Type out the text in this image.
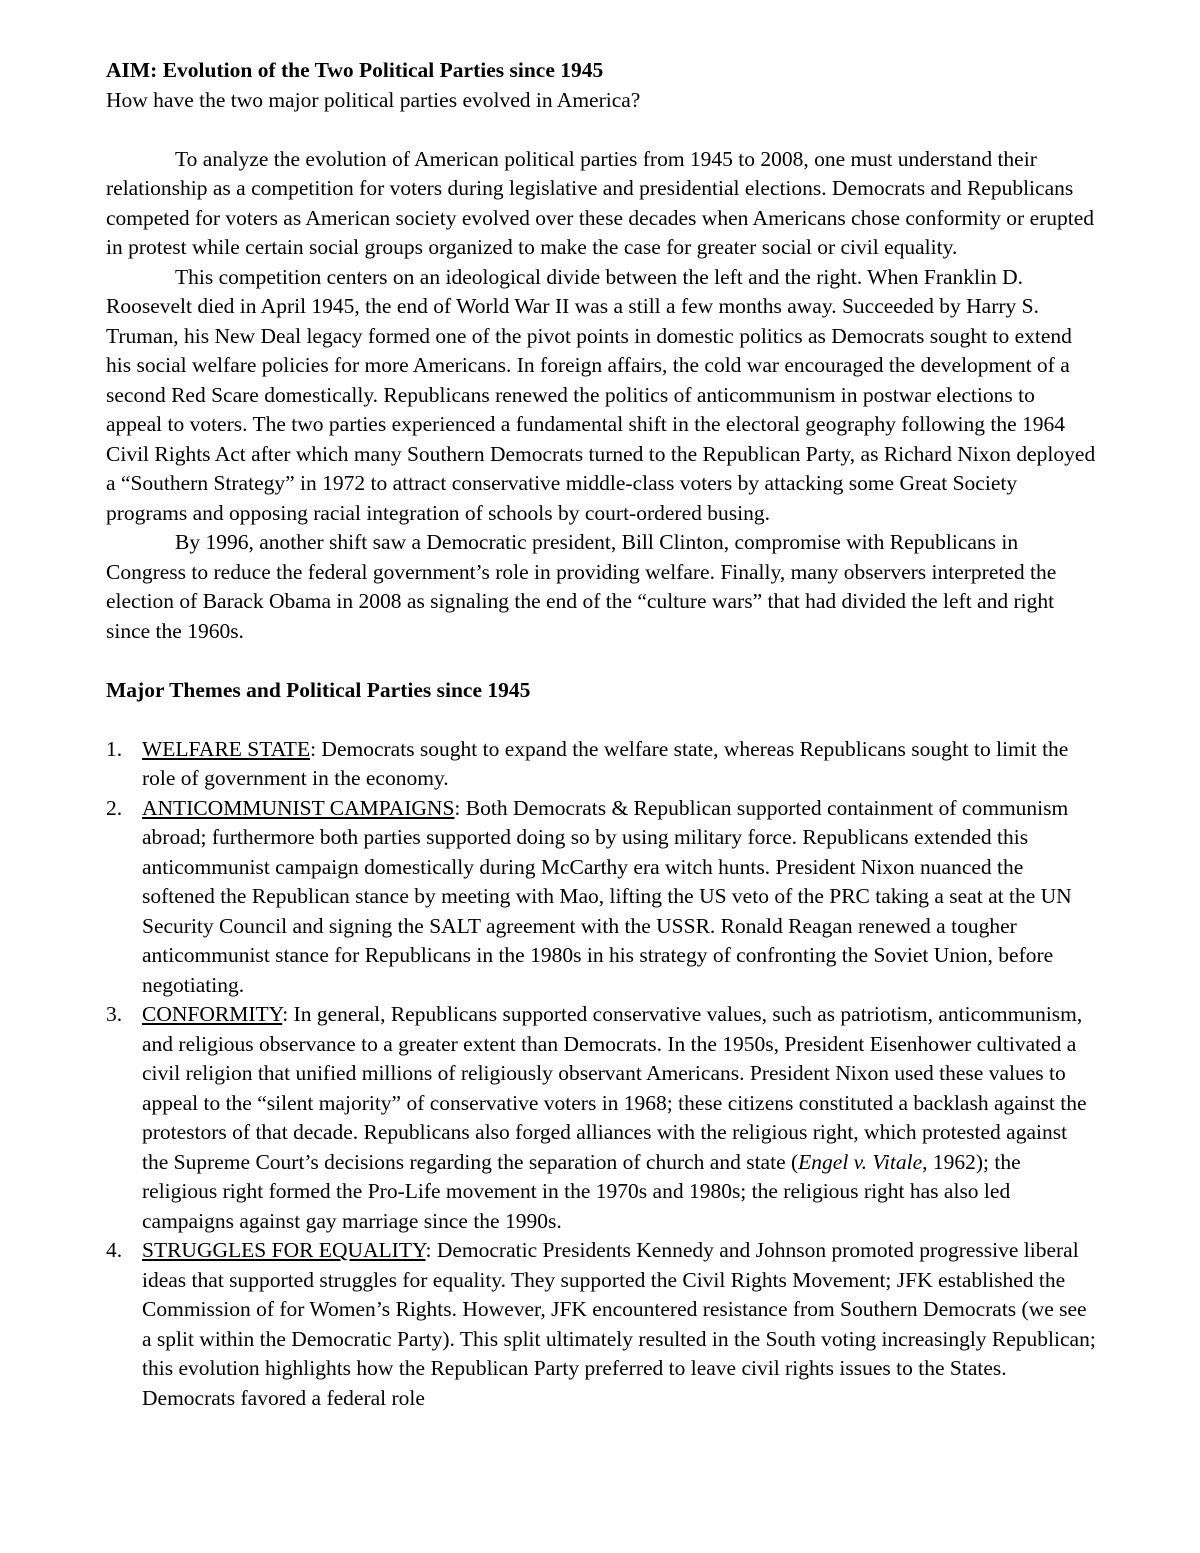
AIM: Evolution of the Two Political Parties since 1945

How have the two major political parties evolved in America?

To analyze the evolution of American political parties from 1945 to 2008, one must understand their relationship as a competition for voters during legislative and presidential elections. Democrats and Republicans competed for voters as American society evolved over these decades when Americans chose conformity or erupted in protest while certain social groups organized to make the case for greater social or civil equality.

This competition centers on an ideological divide between the left and the right. When Franklin D. Roosevelt died in April 1945, the end of World War II was a still a few months away. Succeeded by Harry S. Truman, his New Deal legacy formed one of the pivot points in domestic politics as Democrats sought to extend his social welfare policies for more Americans. In foreign affairs, the cold war encouraged the development of a second Red Scare domestically. Republicans renewed the politics of anticommunism in postwar elections to appeal to voters. The two parties experienced a fundamental shift in the electoral geography following the 1964 Civil Rights Act after which many Southern Democrats turned to the Republican Party, as Richard Nixon deployed a “Southern Strategy” in 1972 to attract conservative middle-class voters by attacking some Great Society programs and opposing racial integration of schools by court-ordered busing.

By 1996, another shift saw a Democratic president, Bill Clinton, compromise with Republicans in Congress to reduce the federal government’s role in providing welfare. Finally, many observers interpreted the election of Barack Obama in 2008 as signaling the end of the “culture wars” that had divided the left and right since the 1960s.

Major Themes and Political Parties since 1945

1. WELFARE STATE: Democrats sought to expand the welfare state, whereas Republicans sought to limit the role of government in the economy.
2. ANTICOMMUNIST CAMPAIGNS: Both Democrats & Republican supported containment of communism abroad; furthermore both parties supported doing so by using military force. Republicans extended this anticommunist campaign domestically during McCarthy era witch hunts. President Nixon nuanced the softened the Republican stance by meeting with Mao, lifting the US veto of the PRC taking a seat at the UN Security Council and signing the SALT agreement with the USSR. Ronald Reagan renewed a tougher anticommunist stance for Republicans in the 1980s in his strategy of confronting the Soviet Union, before negotiating.
3. CONFORMITY: In general, Republicans supported conservative values, such as patriotism, anticommunism, and religious observance to a greater extent than Democrats. In the 1950s, President Eisenhower cultivated a civil religion that unified millions of religiously observant Americans. President Nixon used these values to appeal to the “silent majority” of conservative voters in 1968; these citizens constituted a backlash against the protestors of that decade. Republicans also forged alliances with the religious right, which protested against the Supreme Court’s decisions regarding the separation of church and state (Engel v. Vitale, 1962); the religious right formed the Pro-Life movement in the 1970s and 1980s; the religious right has also led campaigns against gay marriage since the 1990s.
4. STRUGGLES FOR EQUALITY: Democratic Presidents Kennedy and Johnson promoted progressive liberal ideas that supported struggles for equality. They supported the Civil Rights Movement; JFK established the Commission of for Women’s Rights. However, JFK encountered resistance from Southern Democrats (we see a split within the Democratic Party). This split ultimately resulted in the South voting increasingly Republican; this evolution highlights how the Republican Party preferred to leave civil rights issues to the States. Democrats favored a federal role
